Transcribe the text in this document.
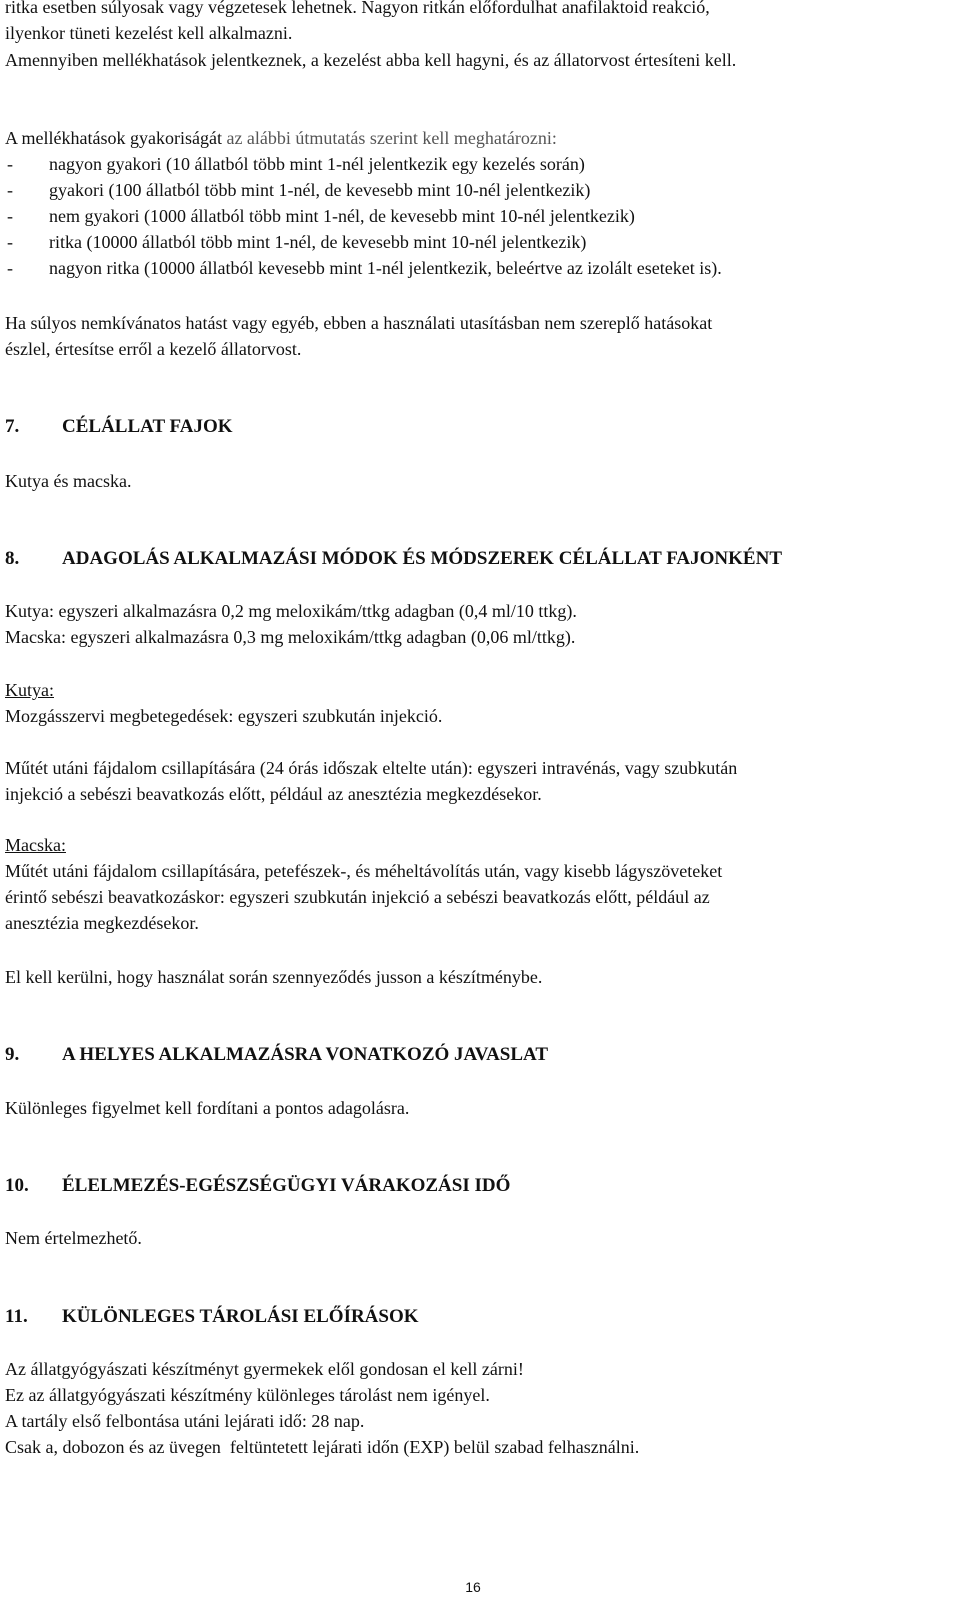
ritka esetben súlyosak vagy végzetesek lehetnek. Nagyon ritkán előfordulhat anafilaktoid reakció,

ilyenkor tüneti kezelést kell alkalmazni.

Amennyiben mellékhatások jelentkeznek, a kezelést abba kell hagyni, és az állatorvost értesíteni kell.

A mellékhatások gyakoriságát az alábbi útmutatás szerint kell meghatározni:

- nagyon gyakori (10 állatból több mint 1-nél jelentkezik egy kezelés során)
- gyakori (100 állatból több mint 1-nél, de kevesebb mint 10-nél jelentkezik)
- nem gyakori (1000 állatból több mint 1-nél, de kevesebb mint 10-nél jelentkezik)
- ritka (10000 állatból több mint 1-nél, de kevesebb mint 10-nél jelentkezik)
- nagyon ritka (10000 állatból kevesebb mint 1-nél jelentkezik, beleértve az izolált eseteket is).

Ha súlyos nemkívánatos hatást vagy egyéb, ebben a használati utasításban nem szereplő hatásokat

észlel, értesítse erről a kezelő állatorvost.

7. CÉLÁLLAT FAJOK

Kutya és macska.

8. ADAGOLÁS ALKALMAZÁSI MÓDOK ÉS MÓDSZEREK CÉLÁLLAT FAJONKÉNT

Kutya: egyszeri alkalmazásra 0,2 mg meloxikám/ttkg adagban (0,4 ml/10 ttkg).

Macska: egyszeri alkalmazásra 0,3 mg meloxikám/ttkg adagban (0,06 ml/ttkg).

Kutya:

Mozgásszervi megbetegedések: egyszeri szubkután injekció.

Műtét utáni fájdalom csillapítására (24 órás időszak eltelte után): egyszeri intravénás, vagy szubkután

injekció a sebészi beavatkozás előtt, például az anesztézia megkezdésekor.

Macska:

Műtét utáni fájdalom csillapítására, petefészek-, és méheltávolítás után, vagy kisebb lágyszöveteket

érintő sebészi beavatkozáskor: egyszeri szubkután injekció a sebészi beavatkozás előtt, például az

anesztézia megkezdésekor.

El kell kerülni, hogy használat során szennyeződés jusson a készítménybe.

9. A HELYES ALKALMAZÁSRA VONATKOZÓ JAVASLAT

Különleges figyelmet kell fordítani a pontos adagolásra.

10. ÉLELMEZÉS-EGÉSZSÉGÜGYI VÁRAKOZÁSI IDŐ

Nem értelmezhető.

11. KÜLÖNLEGES TÁROLÁSI ELŐÍRÁSOK

Az állatgyógyászati készítményt gyermekek elől gondosan el kell zárni!

Ez az állatgyógyászati készítmény különleges tárolást nem igényel.

A tartály első felbontása utáni lejárati idő: 28 nap.

Csak a, dobozon és az üvegen  feltüntetett lejárati időn (EXP) belül szabad felhasználni.

16
